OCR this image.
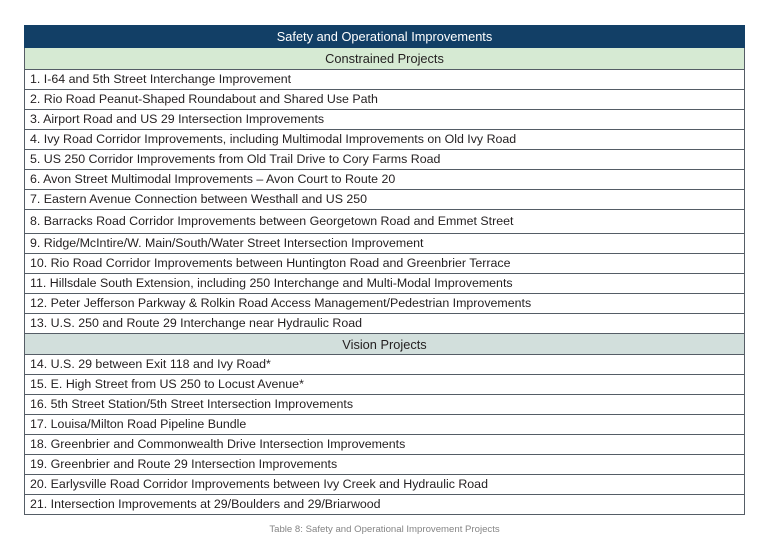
Safety and Operational Improvements
Constrained Projects
1. I-64 and 5th Street Interchange Improvement
2. Rio Road Peanut-Shaped Roundabout and Shared Use Path
3. Airport Road and US 29 Intersection Improvements
4. Ivy Road Corridor Improvements, including Multimodal Improvements on Old Ivy Road
5. US 250 Corridor Improvements from Old Trail Drive to Cory Farms Road
6. Avon Street Multimodal Improvements – Avon Court to Route 20
7. Eastern Avenue Connection between Westhall and US 250
8. Barracks Road Corridor Improvements between Georgetown Road and Emmet Street
9. Ridge/McIntire/W. Main/South/Water Street Intersection Improvement
10. Rio Road Corridor Improvements between Huntington Road and Greenbrier Terrace
11. Hillsdale South Extension, including 250 Interchange and Multi-Modal Improvements
12. Peter Jefferson Parkway & Rolkin Road Access Management/Pedestrian Improvements
13. U.S. 250 and Route 29 Interchange near Hydraulic Road
Vision Projects
14. U.S. 29 between Exit 118 and Ivy Road*
15. E. High Street from US 250 to Locust Avenue*
16. 5th Street Station/5th Street Intersection Improvements
17. Louisa/Milton Road Pipeline Bundle
18. Greenbrier and Commonwealth Drive Intersection Improvements
19. Greenbrier and Route 29 Intersection Improvements
20. Earlysville Road Corridor Improvements between Ivy Creek and Hydraulic Road
21. Intersection Improvements at 29/Boulders and 29/Briarwood
Table 8: Safety and Operational Improvement Projects
